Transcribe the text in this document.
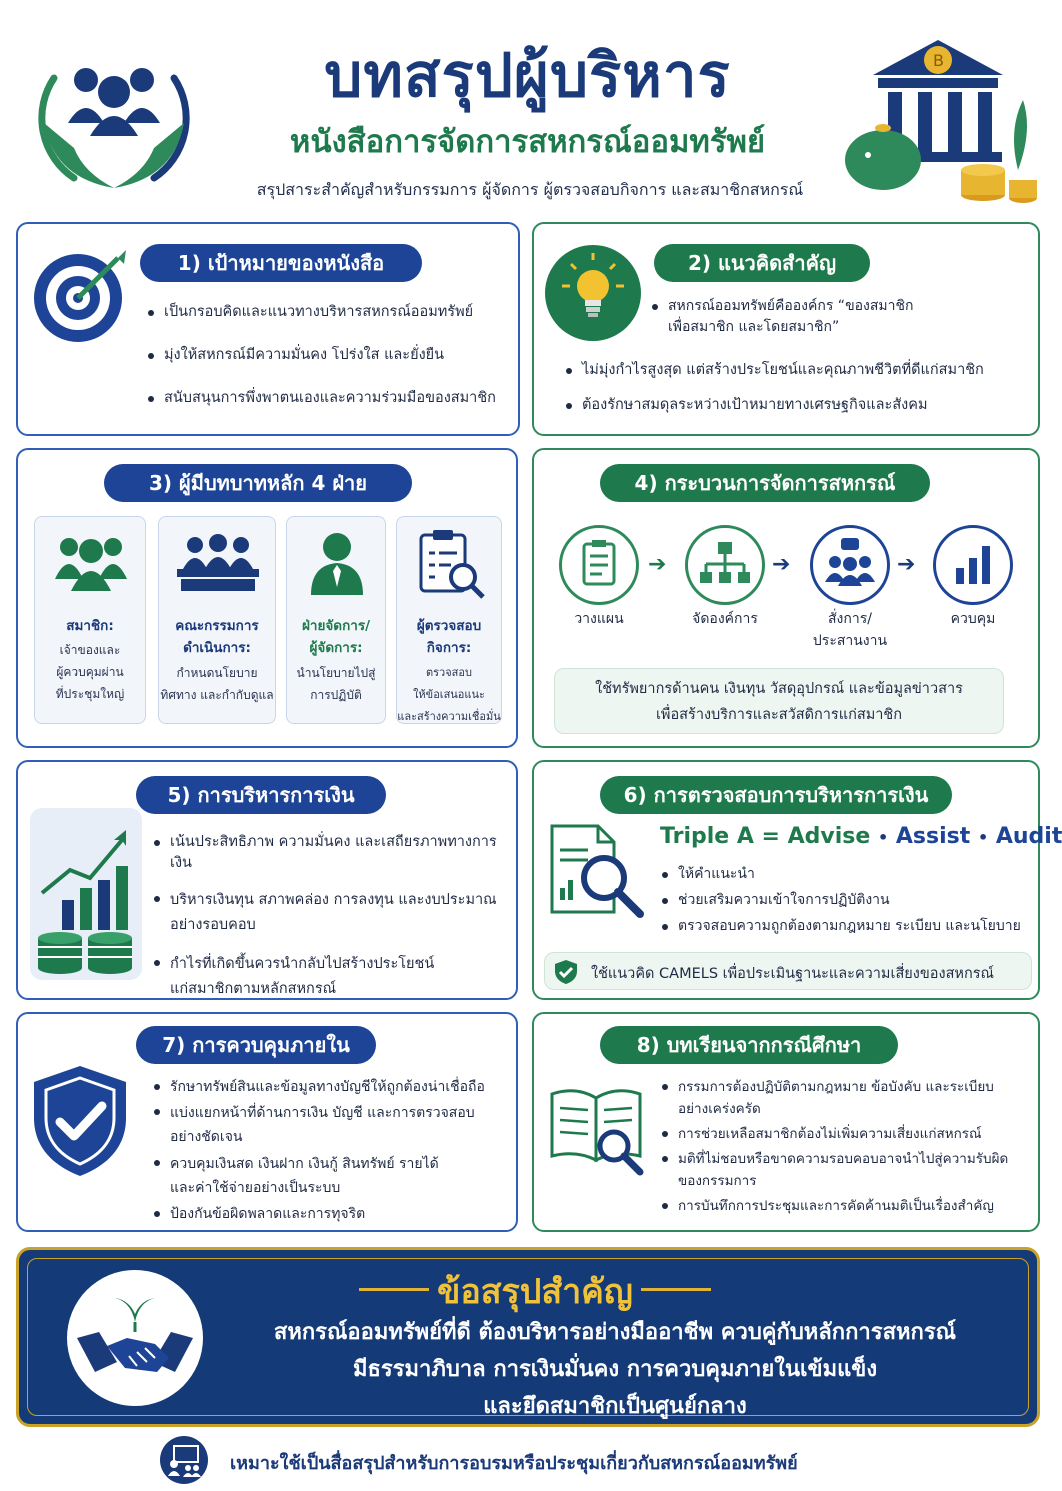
บทสรุปผู้บริหาร
หนังสือการจัดการสหกรณ์ออมทรัพย์
สรุปสาระสำคัญสำหรับกรรมการ ผู้จัดการ ผู้ตรวจสอบกิจการ และสมาชิกสหกรณ์
B
1) เป้าหมายของหนังสือ
เป็นกรอบคิดและแนวทางบริหารสหกรณ์ออมทรัพย์
มุ่งให้สหกรณ์มีความมั่นคง โปร่งใส และยั่งยืน
สนับสนุนการพึ่งพาตนเองและความร่วมมือของสมาชิก
2) แนวคิดสำคัญ
สหกรณ์ออมทรัพย์คือองค์กร “ของสมาชิก
เพื่อสมาชิก และโดยสมาชิก”
ไม่มุ่งกำไรสูงสุด แต่สร้างประโยชน์และคุณภาพชีวิตที่ดีแก่สมาชิก
ต้องรักษาสมดุลระหว่างเป้าหมายทางเศรษฐกิจและสังคม
3) ผู้มีบทบาทหลัก 4 ฝ่าย
สมาชิก:
เจ้าของและ
ผู้ควบคุมผ่าน
ที่ประชุมใหญ่
คณะกรรมการ
ดำเนินการ:
กำหนดนโยบาย
ทิศทาง และกำกับดูแล
ฝ่ายจัดการ/
ผู้จัดการ:
นำนโยบายไปสู่
การปฏิบัติ
ผู้ตรวจสอบ
กิจการ:
ตรวจสอบ
ให้ข้อเสนอแนะ
และสร้างความเชื่อมั่น
4) กระบวนการจัดการสหกรณ์
ใช้ทรัพยากรด้านคน เงินทุน วัสดุอุปกรณ์ และข้อมูลข่าวสาร
เพื่อสร้างบริการและสวัสดิการแก่สมาชิก
➔	➔	➔
วางแผน	จัดองค์การ	สั่งการ/
ประสานงาน
ควบคุม
5) การบริหารการเงิน
เน้นประสิทธิภาพ ความมั่นคง และเสถียรภาพทางการเงิน
บริหารเงินทุน สภาพคล่อง การลงทุน และงบประมาณ
อย่างรอบคอบ
กำไรที่เกิดขึ้นควรนำกลับไปสร้างประโยชน์
แก่สมาชิกตามหลักสหกรณ์
6) การตรวจสอบการบริหารการเงิน
Triple A = Advise • Assist • Audit
ให้คำแนะนำ
ช่วยเสริมความเข้าใจการปฏิบัติงาน
ตรวจสอบความถูกต้องตามกฎหมาย ระเบียบ และนโยบาย
ใช้แนวคิด CAMELS เพื่อประเมินฐานะและความเสี่ยงของสหกรณ์
7) การควบคุมภายใน
รักษาทรัพย์สินและข้อมูลทางบัญชีให้ถูกต้องน่าเชื่อถือ
แบ่งแยกหน้าที่ด้านการเงิน บัญชี และการตรวจสอบ
อย่างชัดเจน
ควบคุมเงินสด เงินฝาก เงินกู้ สินทรัพย์ รายได้
และค่าใช้จ่ายอย่างเป็นระบบ
ป้องกันข้อผิดพลาดและการทุจริต
8) บทเรียนจากกรณีศึกษา
กรรมการต้องปฏิบัติตามกฎหมาย ข้อบังคับ และระเบียบ
อย่างเคร่งครัด
การช่วยเหลือสมาชิกต้องไม่เพิ่มความเสี่ยงแก่สหกรณ์
มติที่ไม่ชอบหรือขาดความรอบคอบอาจนำไปสู่ความรับผิด
ของกรรมการ
การบันทึกการประชุมและการคัดค้านมติเป็นเรื่องสำคัญ
ข้อสรุปสำคัญ
สหกรณ์ออมทรัพย์ที่ดี ต้องบริหารอย่างมืออาชีพ ควบคู่กับหลักการสหกรณ์
มีธรรมาภิบาล การเงินมั่นคง การควบคุมภายในเข้มแข็ง
และยึดสมาชิกเป็นศูนย์กลาง
เหมาะใช้เป็นสื่อสรุปสำหรับการอบรมหรือประชุมเกี่ยวกับสหกรณ์ออมทรัพย์
